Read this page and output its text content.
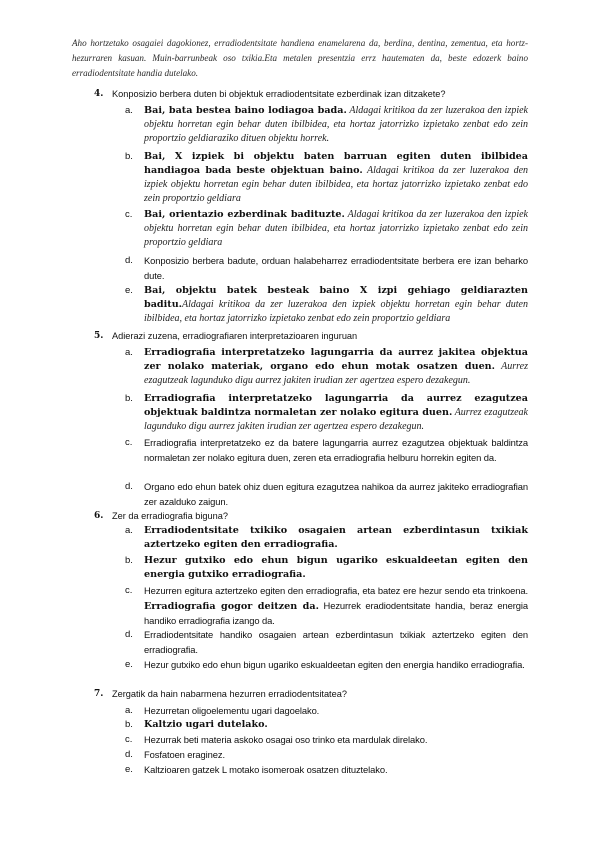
Aho hortzetako osagaiei dagokionez, erradiodentsitate handiena enamelarena da, berdina, dentina, zementua, eta hortz-hezurraren kasuan. Muin-barrunbeak oso txikia.Eta metalen presentzia errz hautematen da, beste edozerk baino erradiodentsitate handia dutelako.
4. Konposizio berbera duten bi objektuk erradiodentsitate ezberdinak izan ditzakete?
a. Bai, bata bestea baino lodiagoa bada. Aldagai kritikoa da zer luzerakoa den izpiek objektu horretan egin behar duten ibilbidea, eta hortaz jatorrizko izpietako zenbat edo zein proportzio geldiaraziko dituen objektu horrek.
b. Bai, X izpiek bi objektu baten barruan egiten duten ibilbidea handiagoa bada beste objektuan baino. Aldagai kritikoa da zer luzerakoa den izpiek objektu horretan egin behar duten ibilbidea, eta hortaz jatorrizko izpietako zenbat edo zein proportzio geldiara
c. Bai, orientazio ezberdinak badituzte. Aldagai kritikoa da zer luzerakoa den izpiek objektu horretan egin behar duten ibilbidea, eta hortaz jatorrizko izpietako zenbat edo zein proportzio geldiara
d. Konposizio berbera badute, orduan halabeharrez erradiodentsitate berbera ere izan beharko dute.
e. Bai, objektu batek besteak baino X izpi gehiago geldiarazten baditu.Aldagai kritikoa da zer luzerakoa den izpiek objektu horretan egin behar duten ibilbidea, eta hortaz jatorrizko izpietako zenbat edo zein proportzio geldiara
5. Adierazi zuzena, erradiografiaren interpretazioaren inguruan
a. Erradiografia interpretatzeko lagungarria da aurrez jakitea objektua zer nolako materiak, organo edo ehun motak osatzen duen. Aurrez ezagutzeak lagunduko digu aurrez jakiten irudian zer agertzea espero dezakegun.
b. Erradiografia interpretatzeko lagungarria da aurrez ezagutzea objektuak baldintza normaletan zer nolako egitura duen. Aurrez ezagutzeak lagunduko digu aurrez jakiten irudian zer agertzea espero dezakegun.
c. Erradiografia interpretatzeko ez da batere lagungarria aurrez ezagutzea objektuak baldintza normaletan zer nolako egitura duen, zeren eta erradiografia helburu horrekin egiten da.
d. Organo edo ehun batek ohiz duen egitura ezagutzea nahikoa da aurrez jakiteko erradiografian zer azalduko zaigun.
6. Zer da erradiografia biguna?
a. Erradiodentsitate txikiko osagaien artean ezberdintasun txikiak aztertzeko egiten den erradiografia.
b. Hezur gutxiko edo ehun bigun ugariko eskualdeetan egiten den energia gutxiko erradiografia.
c. Hezurren egitura aztertzeko egiten den erradiografia, eta batez ere hezur sendo eta trinkoena. Erradiografia gogor deitzen da. Hezurrek eradiodentsitate handia, beraz energia handiko erradiografia izango da.
d. Erradiodentsitate handiko osagaien artean ezberdintasun txikiak aztertzeko egiten den erradiografia.
e. Hezur gutxiko edo ehun bigun ugariko eskualdeetan egiten den energia handiko erradiografia.
7. Zergatik da hain nabarmena hezurren erradiodentsitatea?
a. Hezurretan oligoelementu ugari dagoelako.
b. Kaltzio ugari dutelako.
c. Hezurrak beti materia askoko osagai oso trinko eta mardulak direlako.
d. Fosfatoen eraginez.
e. Kaltzioaren gatzek L motako isomeroak osatzen dituztelako.
